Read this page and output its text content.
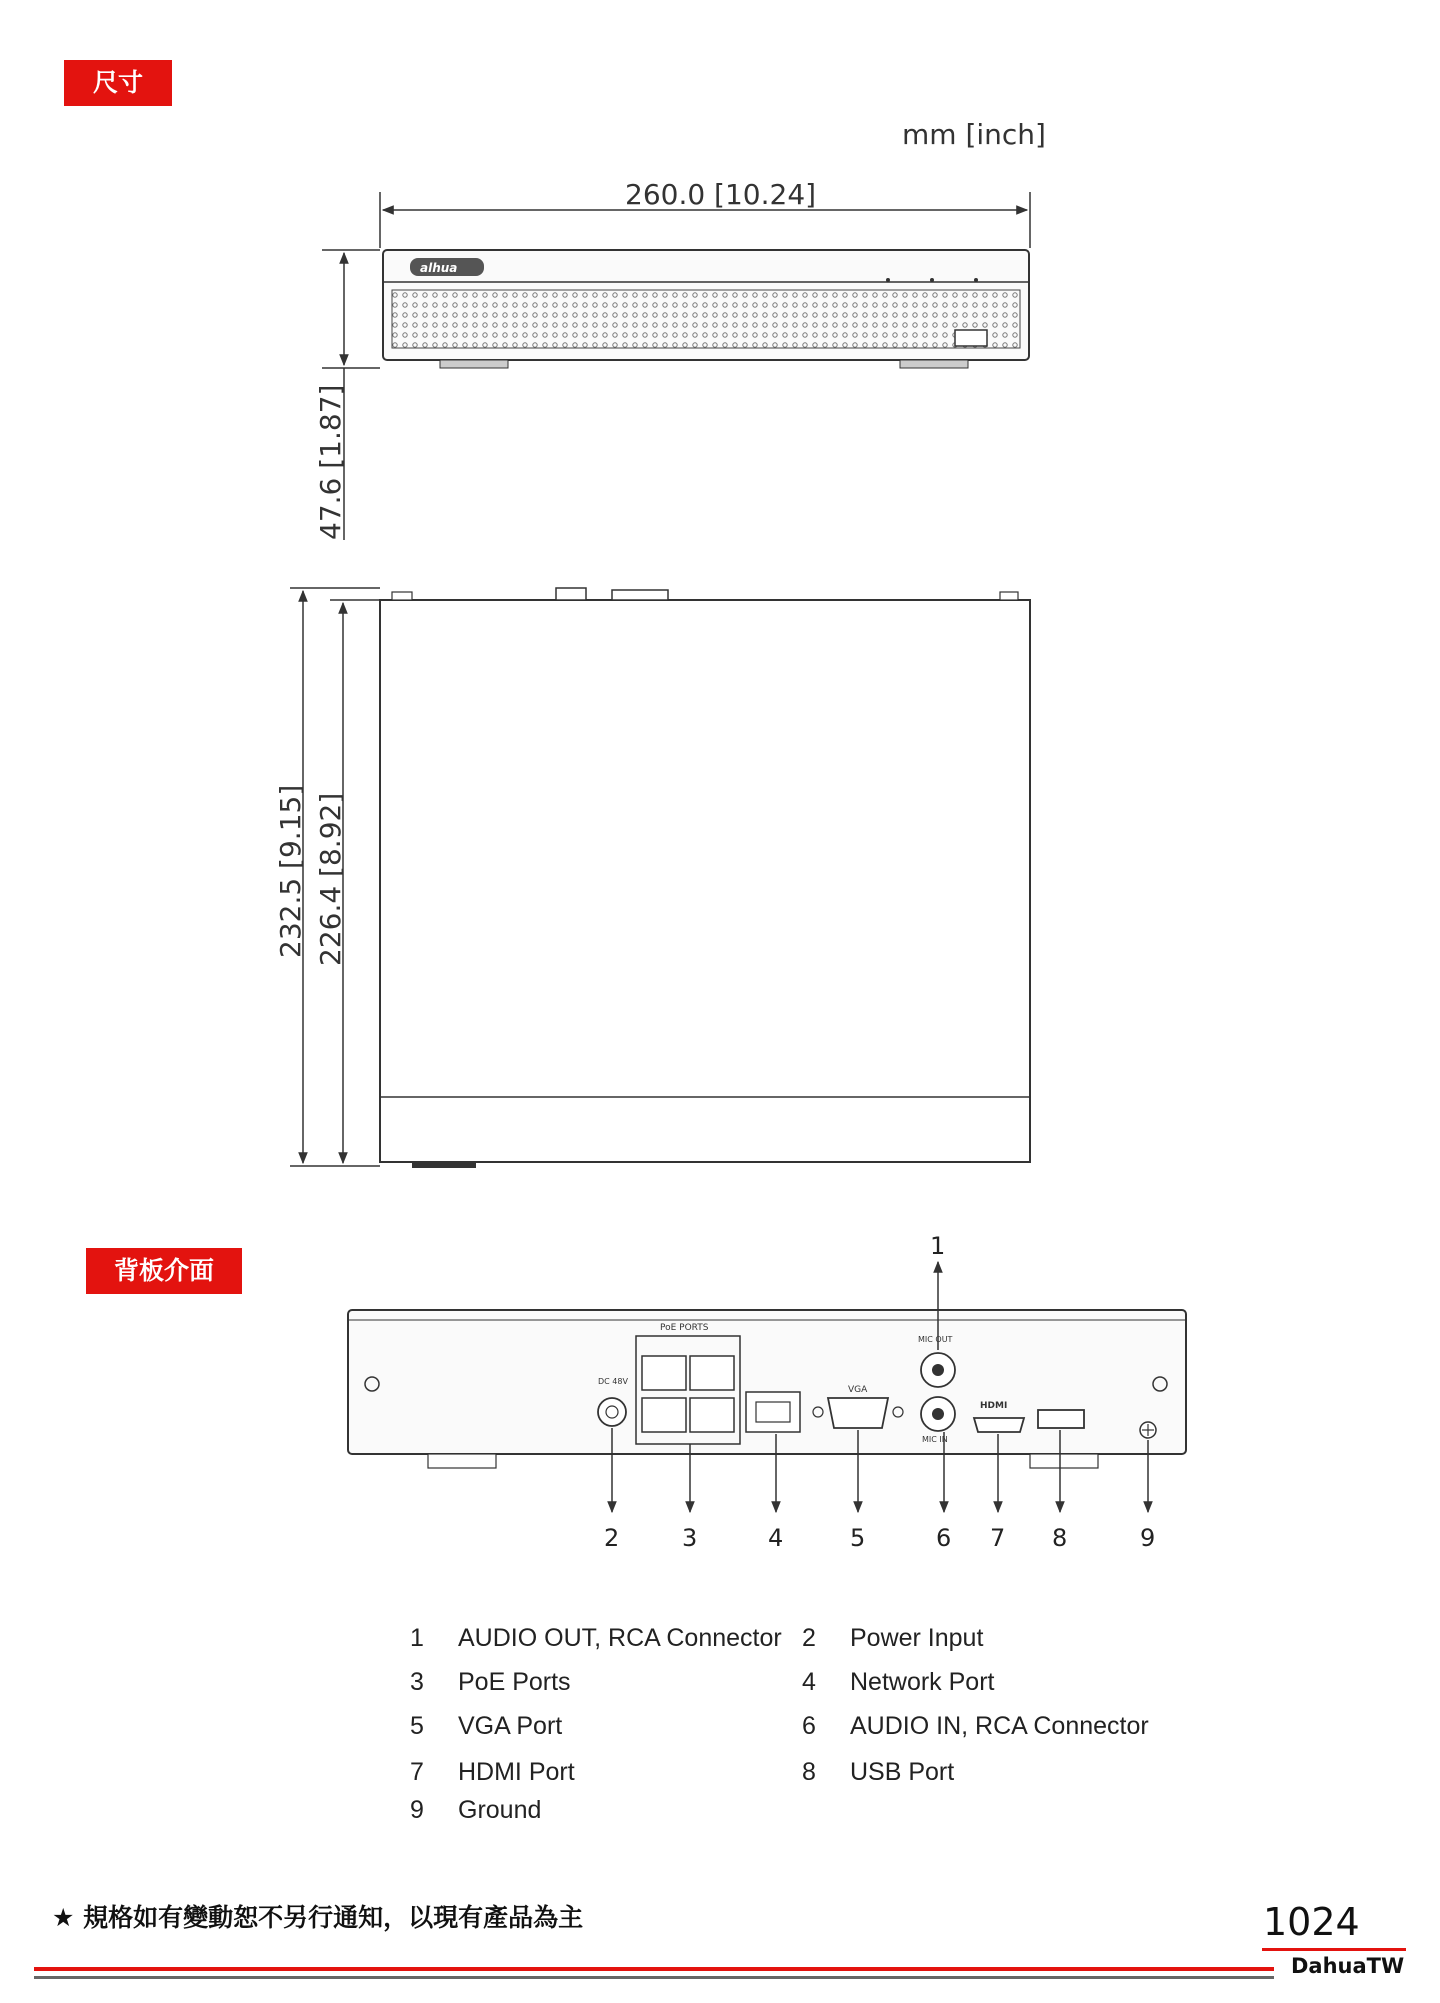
尺寸
背板介面
mm [inch]
260.0 [10.24]
alhua
47.6 [1.87]
232.5 [9.15] 226.4 [8.92]
DC 48V
PoE PORTS
VGA
MIC OUT
MIC IN
HDMI
1
2	3	4	5	6 7 8	9
1 AUDIO OUT, RCA Connector 2 Power Input
3 PoE Ports	4 Network Port
5 VGA Port	6 AUDIO IN, RCA Connector
7 HDMI Port	8 USB Port
9 Ground
★ 規格如有變動恕不另行通知，以現有產品為主	1024
DahuaTW
